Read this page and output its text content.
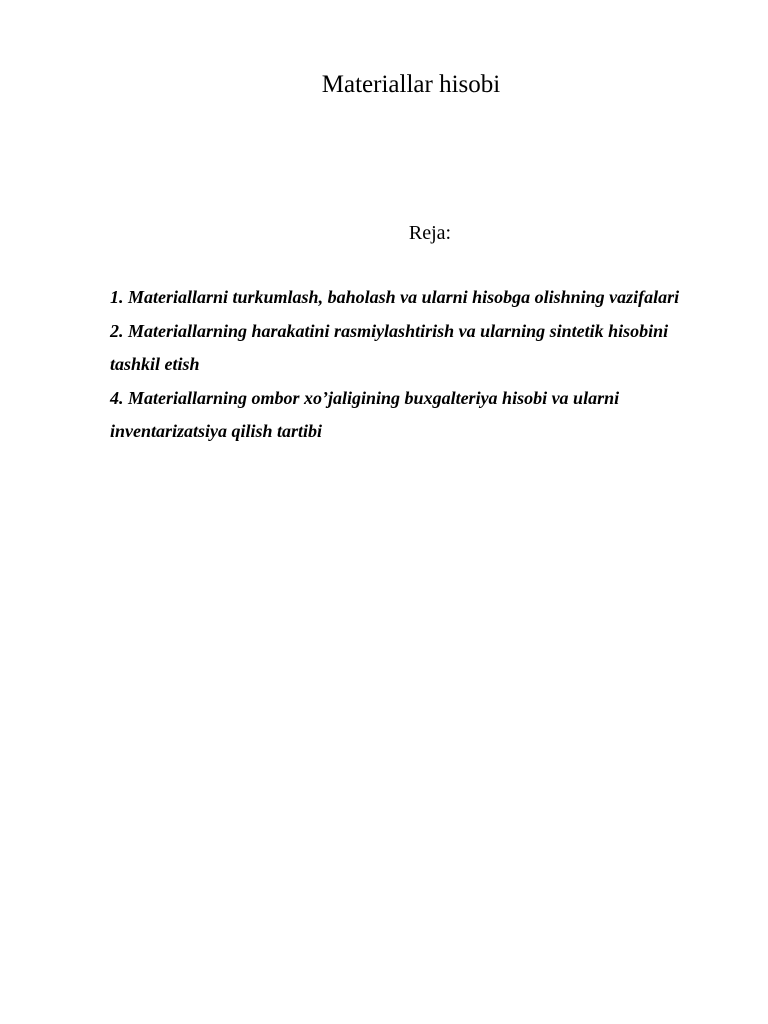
Materiallar hisobi
Reja:
1. Materiallarni turkumlash, baholash va ularni hisobga olishning vazifalari
2. Materiallarning harakatini rasmiylashtirish va ularning sintetik hisobini tashkil etish
4. Materiallarning ombor xo’jaligining buxgalteriya hisobi va ularni inventarizatsiya qilish tartibi
